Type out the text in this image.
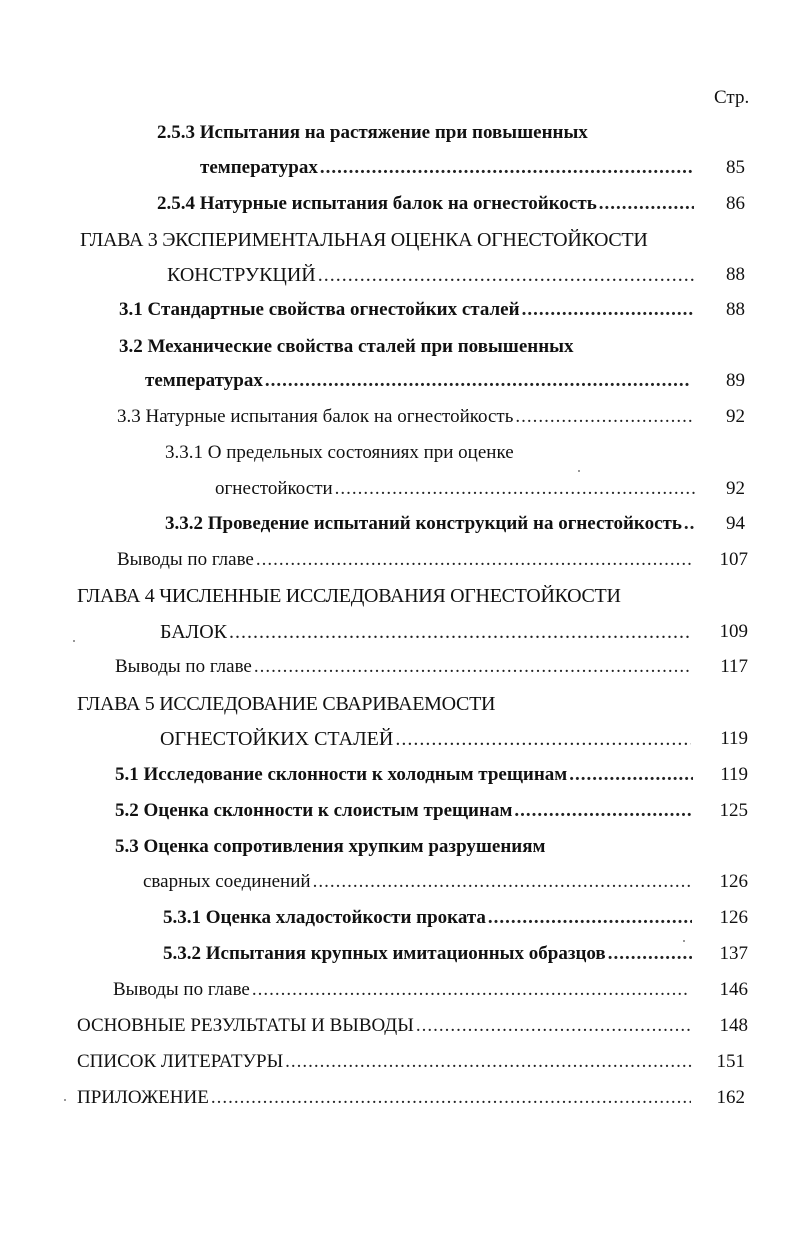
Стр.
2.5.3 Испытания на растяжение при повышенных
температурах .....	85
2.5.4 Натурные испытания балок на огнестойкость .....	86
ГЛАВА 3 ЭКСПЕРИМЕНТАЛЬНАЯ ОЦЕНКА ОГНЕСТОЙКОСТИ
КОНСТРУКЦИЙ .....	88
3.1 Стандартные свойства огнестойких сталей .....	88
3.2 Механические свойства сталей при повышенных
температурах .....	89
3.3 Натурные испытания балок на огнестойкость .....	92
3.3.1 О предельных состояниях при оценке
огнестойкости .....	92
3.3.2 Проведение испытаний конструкций на огнестойкость .....	94
Выводы по главе .....	107
ГЛАВА 4 ЧИСЛЕННЫЕ ИССЛЕДОВАНИЯ ОГНЕСТОЙКОСТИ
БАЛОК .....	109
Выводы по главе .....	117
ГЛАВА 5 ИССЛЕДОВАНИЕ СВАРИВАЕМОСТИ
ОГНЕСТОЙКИХ СТАЛЕЙ .....	119
5.1 Исследование склонности к холодным трещинам .....	119
5.2 Оценка склонности к слоистым трещинам .....	125
5.3 Оценка сопротивления хрупким разрушениям
сварных соединений .....	126
5.3.1 Оценка хладостойкости проката .....	126
5.3.2 Испытания крупных имитационных образцов .....	137
Выводы по главе .....	146
ОСНОВНЫЕ РЕЗУЛЬТАТЫ И ВЫВОДЫ .....	148
СПИСОК ЛИТЕРАТУРЫ .....	151
ПРИЛОЖЕНИЕ .....	162
